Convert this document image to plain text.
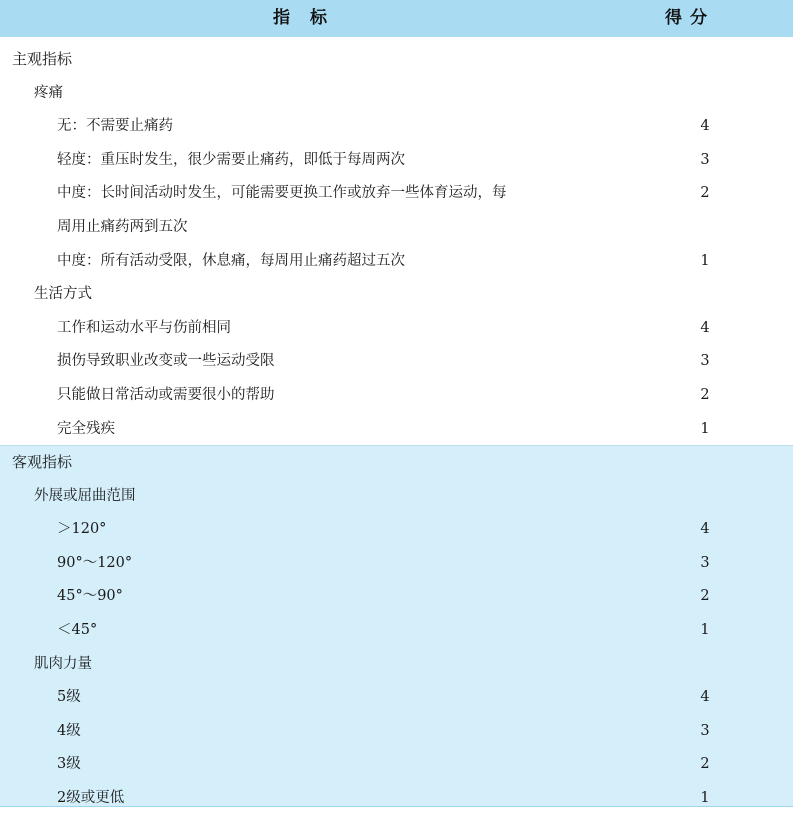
指标	得分
主观指标
疼痛
无：不需要止痛药	4
轻度：重压时发生，很少需要止痛药，即低于每周两次	3
中度：长时间活动时发生，可能需要更换工作或放弃一些体育运动，每	2
周用止痛药两到五次
中度：所有活动受限，休息痛，每周用止痛药超过五次	1
生活方式
工作和运动水平与伤前相同	4
损伤导致职业改变或一些运动受限	3
只能做日常活动或需要很小的帮助	2
完全残疾	1
客观指标
外展或屈曲范围
＞120°	4
90°～120°	3
45°～90°	2
＜45°	1
肌肉力量
5级	4
4级	3
3级	2
2级或更低	1
